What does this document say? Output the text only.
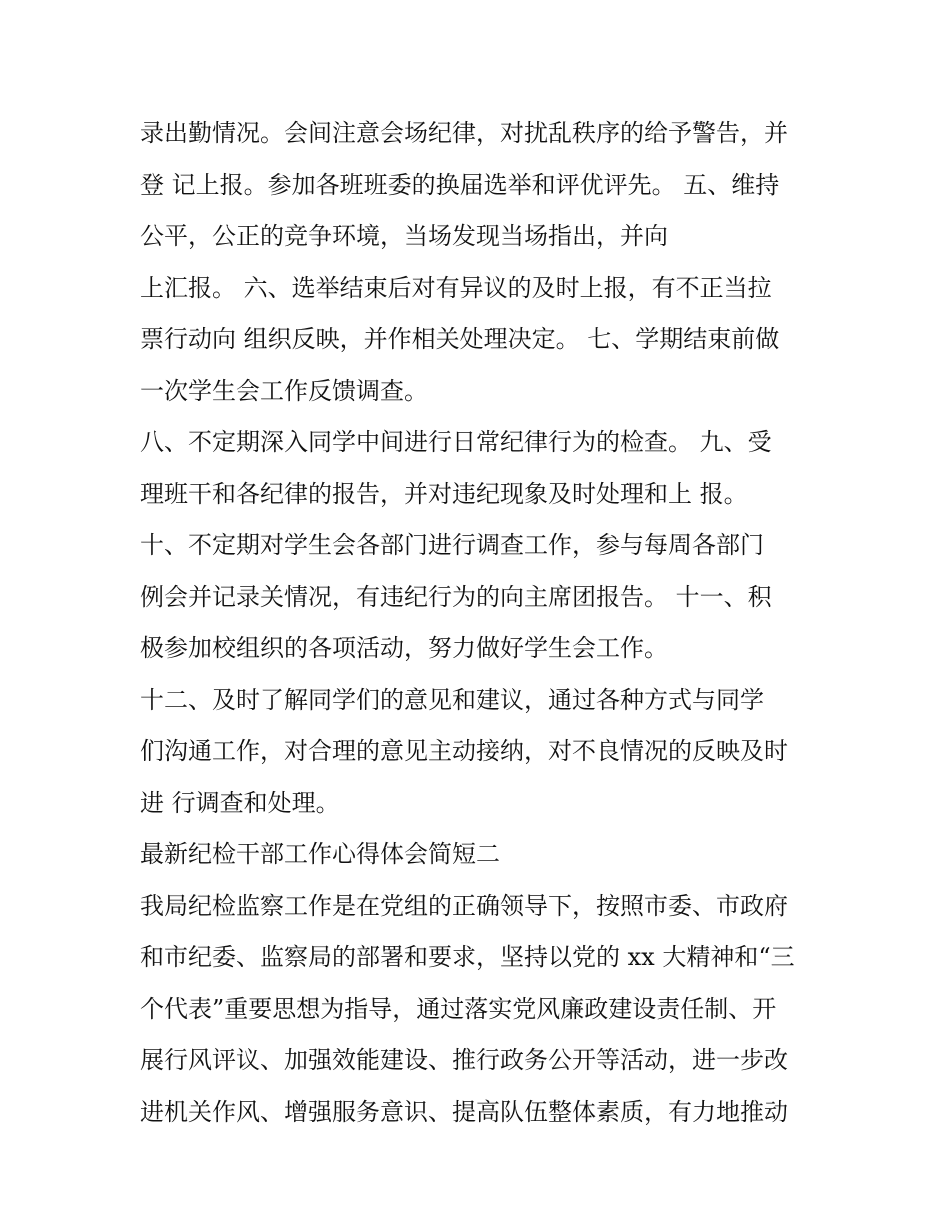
录出勤情况。会间注意会场纪律，对扰乱秩序的给予警告，并
登 记上报。参加各班班委的换届选举和评优评先。 五、维持
公平，公正的竞争环境，当场发现当场指出，并向
上汇报。 六、选举结束后对有异议的及时上报，有不正当拉
票行动向 组织反映，并作相关处理决定。 七、学期结束前做
一次学生会工作反馈调查。
八、不定期深入同学中间进行日常纪律行为的检查。 九、受
理班干和各纪律的报告，并对违纪现象及时处理和上 报。
十、不定期对学生会各部门进行调查工作，参与每周各部门
例会并记录关情况，有违纪行为的向主席团报告。 十一、积
极参加校组织的各项活动，努力做好学生会工作。
十二、及时了解同学们的意见和建议，通过各种方式与同学
们沟通工作，对合理的意见主动接纳，对不良情况的反映及时
进 行调查和处理。
最新纪检干部工作心得体会简短二
我局纪检监察工作是在党组的正确领导下，按照市委、市政府
和市纪委、监察局的部署和要求，坚持以党的 xx 大精神和“三
个代表”重要思想为指导，通过落实党风廉政建设责任制、开
展行风评议、加强效能建设、推行政务公开等活动，进一步改
进机关作风、增强服务意识、提高队伍整体素质，有力地推动
